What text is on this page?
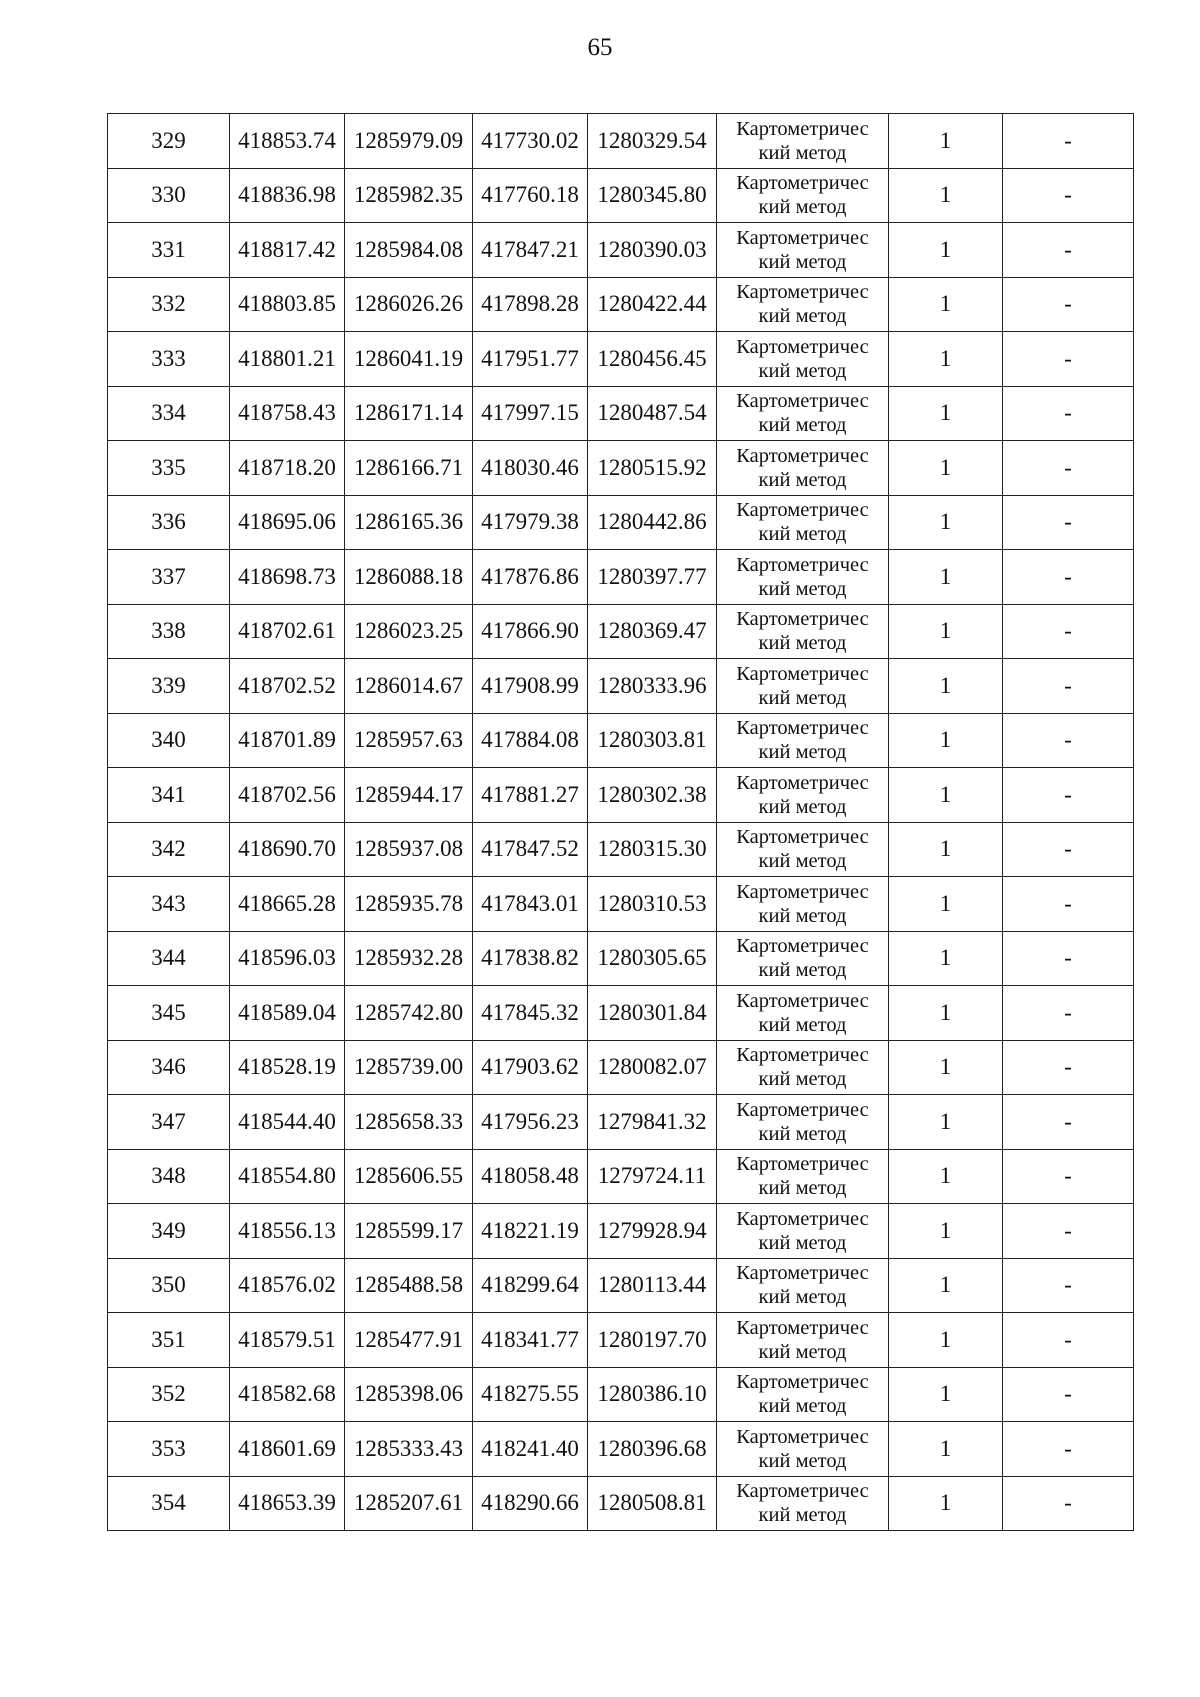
65
329	418853.74	1285979.09	417730.02	1280329.54	Картометричес
кий метод	1	-
330	418836.98	1285982.35	417760.18	1280345.80	Картометричес
кий метод	1	-
331	418817.42	1285984.08	417847.21	1280390.03	Картометричес
кий метод	1	-
332	418803.85	1286026.26	417898.28	1280422.44	Картометричес
кий метод	1	-
333	418801.21	1286041.19	417951.77	1280456.45	Картометричес
кий метод	1	-
334	418758.43	1286171.14	417997.15	1280487.54	Картометричес
кий метод	1	-
335	418718.20	1286166.71	418030.46	1280515.92	Картометричес
кий метод	1	-
336	418695.06	1286165.36	417979.38	1280442.86	Картометричес
кий метод	1	-
337	418698.73	1286088.18	417876.86	1280397.77	Картометричес
кий метод	1	-
338	418702.61	1286023.25	417866.90	1280369.47	Картометричес
кий метод	1	-
339	418702.52	1286014.67	417908.99	1280333.96	Картометричес
кий метод	1	-
340	418701.89	1285957.63	417884.08	1280303.81	Картометричес
кий метод	1	-
341	418702.56	1285944.17	417881.27	1280302.38	Картометричес
кий метод	1	-
342	418690.70	1285937.08	417847.52	1280315.30	Картометричес
кий метод	1	-
343	418665.28	1285935.78	417843.01	1280310.53	Картометричес
кий метод	1	-
344	418596.03	1285932.28	417838.82	1280305.65	Картометричес
кий метод	1	-
345	418589.04	1285742.80	417845.32	1280301.84	Картометричес
кий метод	1	-
346	418528.19	1285739.00	417903.62	1280082.07	Картометричес
кий метод	1	-
347	418544.40	1285658.33	417956.23	1279841.32	Картометричес
кий метод	1	-
348	418554.80	1285606.55	418058.48	1279724.11	Картометричес
кий метод	1	-
349	418556.13	1285599.17	418221.19	1279928.94	Картометричес
кий метод	1	-
350	418576.02	1285488.58	418299.64	1280113.44	Картометричес
кий метод	1	-
351	418579.51	1285477.91	418341.77	1280197.70	Картометричес
кий метод	1	-
352	418582.68	1285398.06	418275.55	1280386.10	Картометричес
кий метод	1	-
353	418601.69	1285333.43	418241.40	1280396.68	Картометричес
кий метод	1	-
354	418653.39	1285207.61	418290.66	1280508.81	Картометричес
кий метод	1	-
